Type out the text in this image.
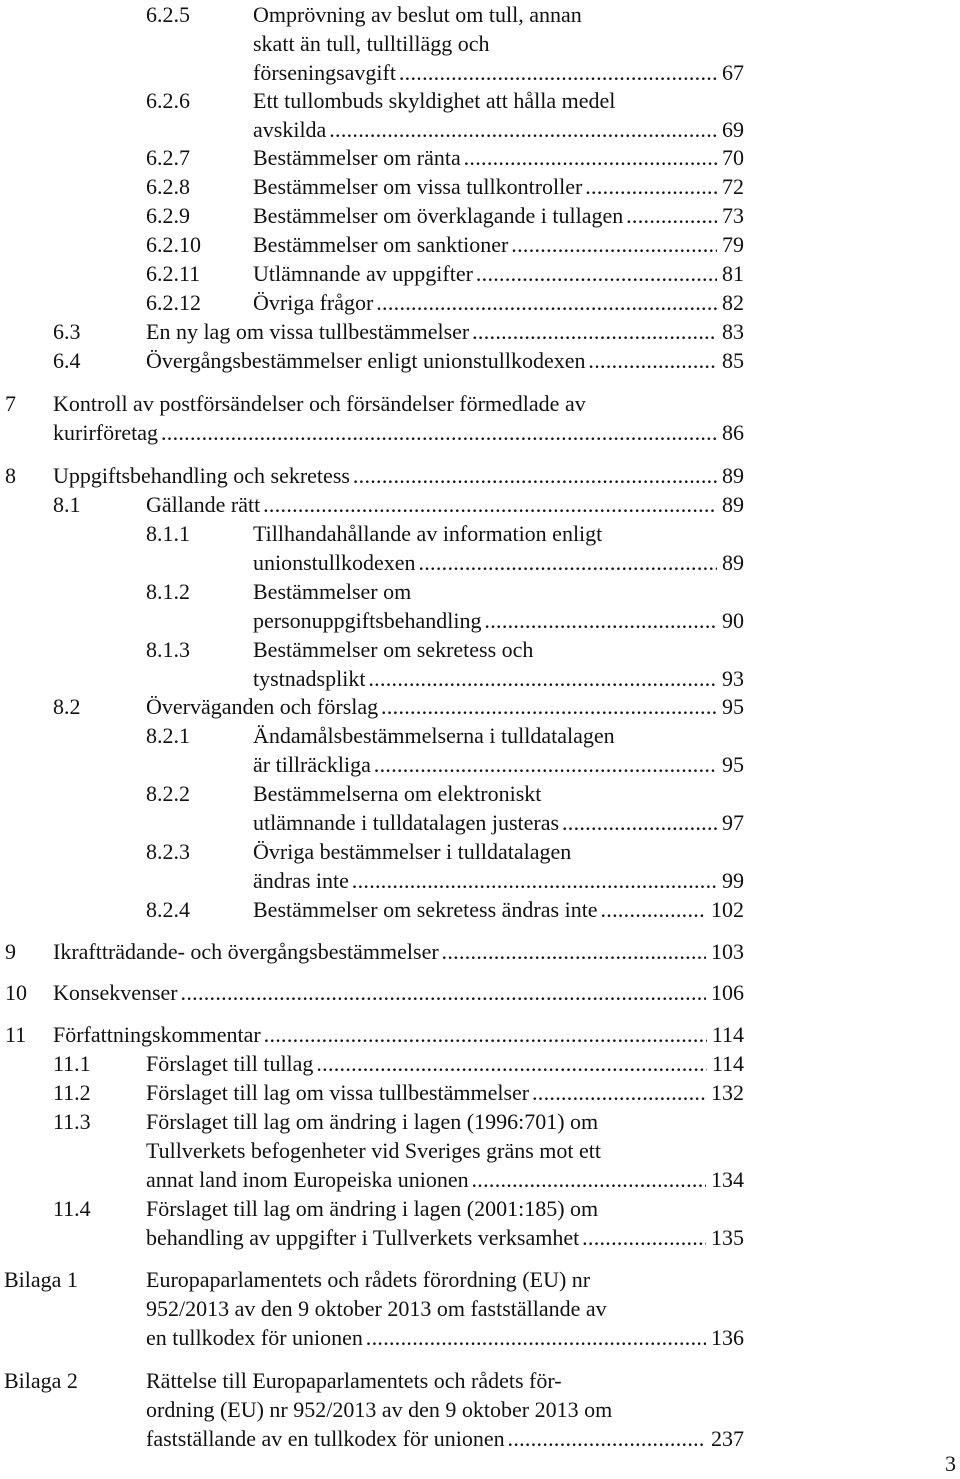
6.2.5	Omprövning av beslut om tull, annan
skatt än tull, tulltillägg och
förseningsavgift . . .	67
6.2.6	Ett tullombuds skyldighet att hålla medel
avskilda . . .	69
6.2.7	Bestämmelser om ränta . . .	70
6.2.8	Bestämmelser om vissa tullkontroller . . .	72
6.2.9	Bestämmelser om överklagande i tullagen . . .	73
6.2.10 Bestämmelser om sanktioner . . .	79
6.2.11 Utlämnande av uppgifter . . .	81
6.2.12 Övriga frågor . . .	82
6.3	En ny lag om vissa tullbestämmelser . . .	83
6.4	Övergångsbestämmelser enligt unionstullkodexen . . .	85
7 Kontroll av postförsändelser och försändelser förmedlade av
kurirföretag . . .	86
8 Uppgiftsbehandling och sekretess . . .	89
8.1	Gällande rätt . . .	89
8.1.1	Tillhandahållande av information enligt
unionstullkodexen . . .	89
8.1.2	Bestämmelser om
personuppgiftsbehandling . . .	90
8.1.3	Bestämmelser om sekretess och
tystnadsplikt . . .	93
8.2	Överväganden och förslag . . .	95
8.2.1	Ändamålsbestämmelserna i tulldatalagen
är tillräckliga . . .	95
8.2.2	Bestämmelserna om elektroniskt
utlämnande i tulldatalagen justeras . . .	97
8.2.3	Övriga bestämmelser i tulldatalagen
ändras inte . . .	99
8.2.4	Bestämmelser om sekretess ändras inte . . .	102
9 Ikraftträdande- och övergångsbestämmelser . . .	103
10 Konsekvenser . . .	106
11 Författningskommentar . . .	114
11.1	Förslaget till tullag . . .	114
11.2	Förslaget till lag om vissa tullbestämmelser . . .	132
11.3	Förslaget till lag om ändring i lagen (1996:701) om
Tullverkets befogenheter vid Sveriges gräns mot ett
annat land inom Europeiska unionen . . .	134
11.4	Förslaget till lag om ändring i lagen (2001:185) om
behandling av uppgifter i Tullverkets verksamhet . . .	135
Bilaga 1	Europaparlamentets och rådets förordning (EU) nr
952/2013 av den 9 oktober 2013 om fastställande av
en tullkodex för unionen . . .	136
Bilaga 2	Rättelse till Europaparlamentets och rådets för-
ordning (EU) nr 952/2013 av den 9 oktober 2013 om
fastställande av en tullkodex för unionen . . .	237
3
